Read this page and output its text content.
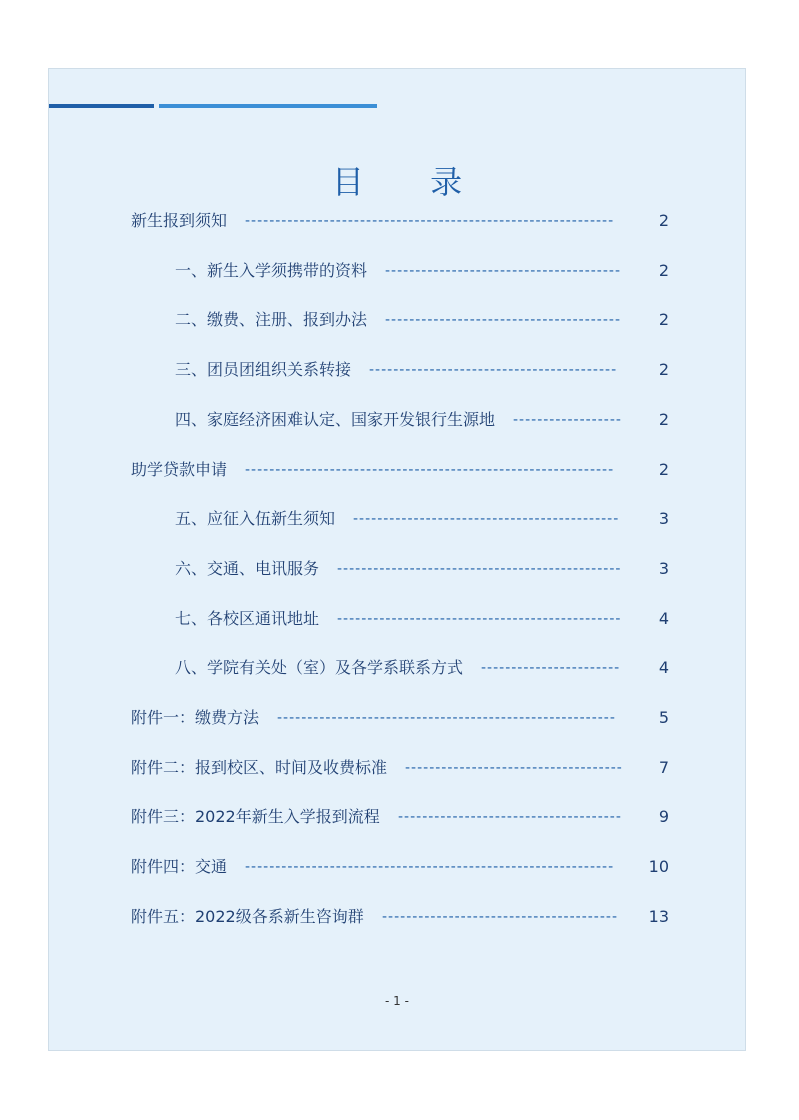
目 录
新生报到须知 -------------------------------------------------------------	2
一、新生入学须携带的资料 ---------------------------------------	2
二、缴费、注册、报到办法 ---------------------------------------	2
三、团员团组织关系转接 -----------------------------------------	2
四、家庭经济困难认定、国家开发银行生源地 ------------------	2
助学贷款申请 -------------------------------------------------------------	2
五、应征入伍新生须知 --------------------------------------------	3
六、交通、电讯服务 -----------------------------------------------	3
七、各校区通讯地址 -----------------------------------------------	4
八、学院有关处（室）及各学系联系方式 -----------------------	4
附件一：缴费方法 --------------------------------------------------------	5
附件二：报到校区、时间及收费标准 ------------------------------------	7
附件三：2022年新生入学报到流程 -------------------------------------	9
附件四：交通 -------------------------------------------------------------	10
附件五：2022级各系新生咨询群 ---------------------------------------	13
- 1 -
